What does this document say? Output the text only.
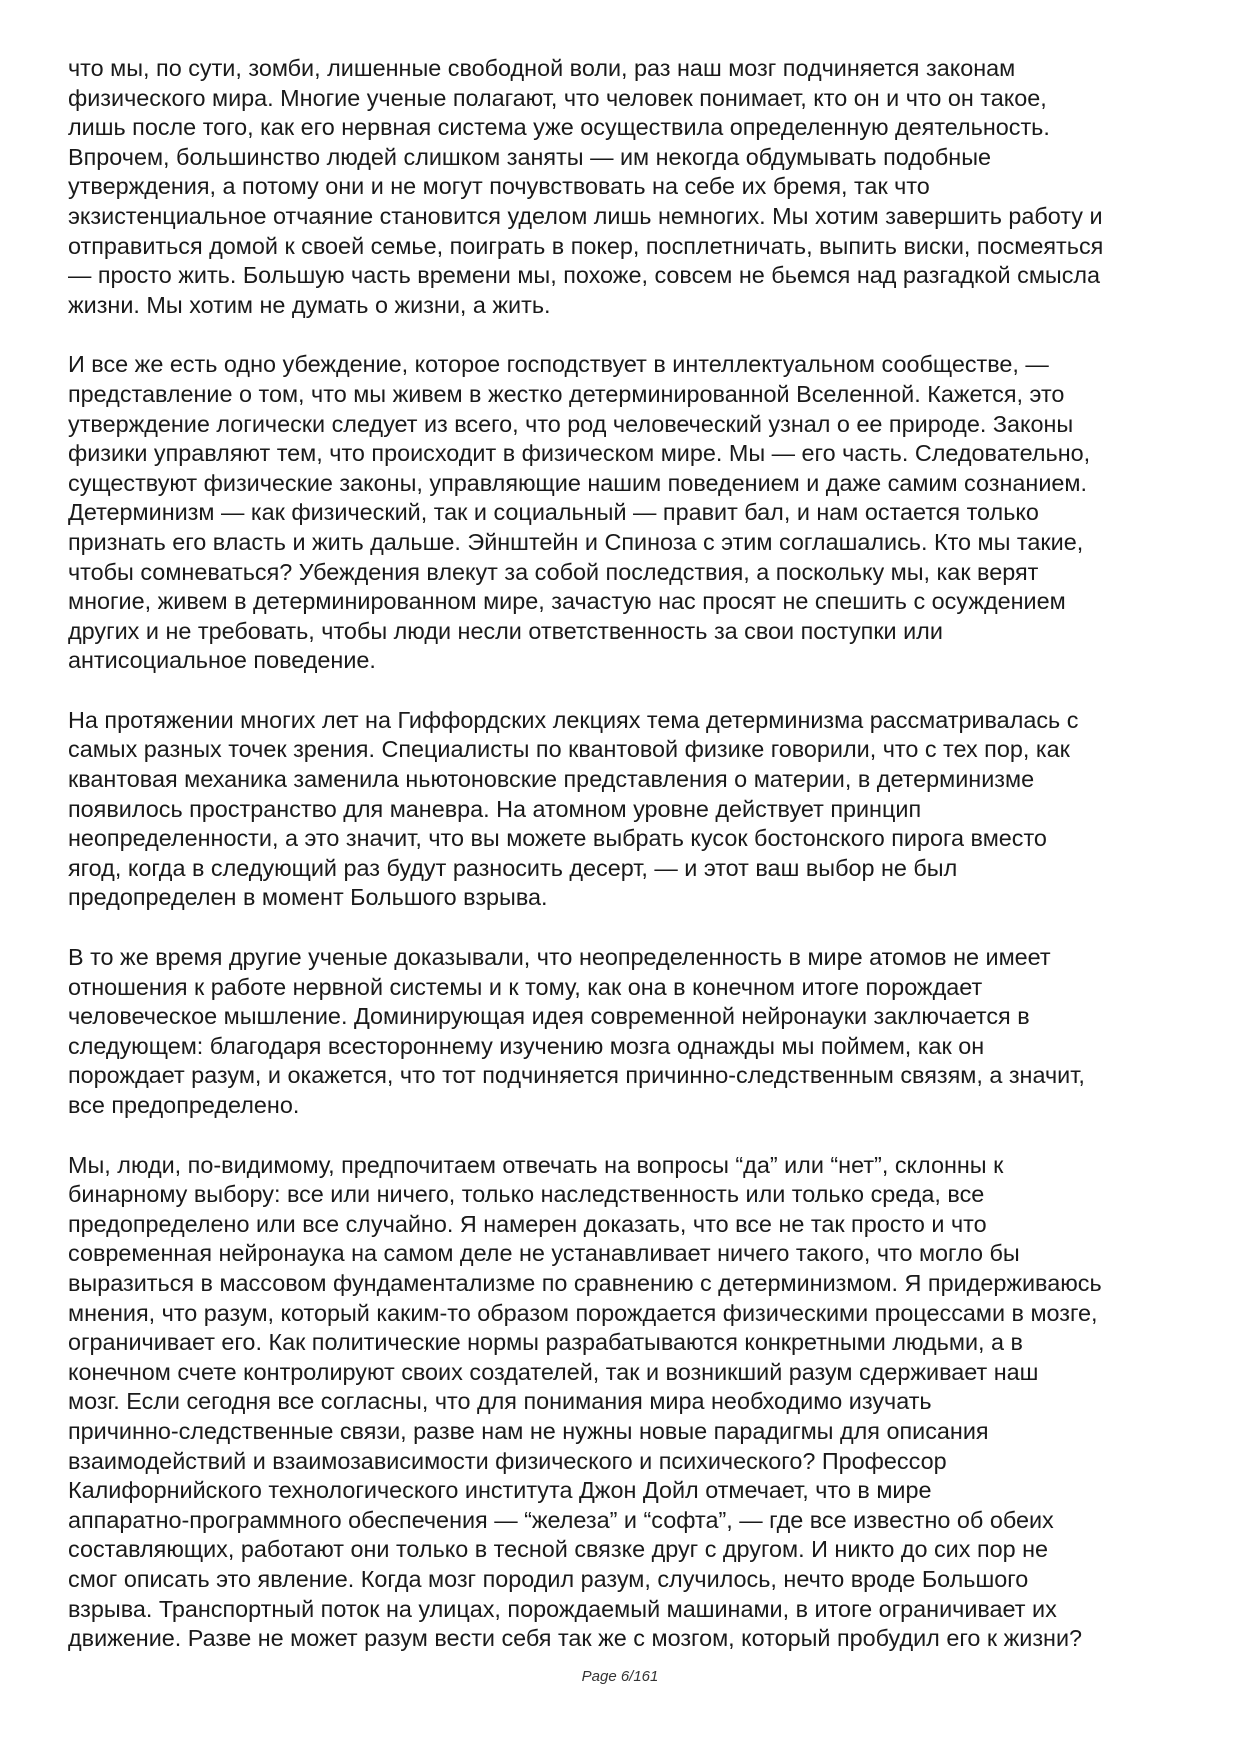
что мы, по сути, зомби, лишенные свободной воли, раз наш мозг подчиняется законам
физического мира. Многие ученые полагают, что человек понимает, кто он и что он такое,
лишь после того, как его нервная система уже осуществила определенную деятельность.
Впрочем, большинство людей слишком заняты — им некогда обдумывать подобные
утверждения, а потому они и не могут почувствовать на себе их бремя, так что
экзистенциальное отчаяние становится уделом лишь немногих. Мы хотим завершить работу и
отправиться домой к своей семье, поиграть в покер, посплетничать, выпить виски, посмеяться
— просто жить. Большую часть времени мы, похоже, совсем не бьемся над разгадкой смысла
жизни. Мы хотим не думать о жизни, а жить.

И все же есть одно убеждение, которое господствует в интеллектуальном сообществе, —
представление о том, что мы живем в жестко детерминированной Вселенной. Кажется, это
утверждение логически следует из всего, что род человеческий узнал о ее природе. Законы
физики управляют тем, что происходит в физическом мире. Мы — его часть. Следовательно,
существуют физические законы, управляющие нашим поведением и даже самим сознанием.
Детерминизм — как физический, так и социальный — правит бал, и нам остается только
признать его власть и жить дальше. Эйнштейн и Спиноза с этим соглашались. Кто мы такие,
чтобы сомневаться? Убеждения влекут за собой последствия, а поскольку мы, как верят
многие, живем в детерминированном мире, зачастую нас просят не спешить с осуждением
других и не требовать, чтобы люди несли ответственность за свои поступки или
антисоциальное поведение.

На протяжении многих лет на Гиффордских лекциях тема детерминизма рассматривалась с
самых разных точек зрения. Специалисты по квантовой физике говорили, что с тех пор, как
квантовая механика заменила ньютоновские представления о материи, в детерминизме
появилось пространство для маневра. На атомном уровне действует принцип
неопределенности, а это значит, что вы можете выбрать кусок бостонского пирога вместо
ягод, когда в следующий раз будут разносить десерт, — и этот ваш выбор не был
предопределен в момент Большого взрыва.

В то же время другие ученые доказывали, что неопределенность в мире атомов не имеет
отношения к работе нервной системы и к тому, как она в конечном итоге порождает
человеческое мышление. Доминирующая идея современной нейронауки заключается в
следующем: благодаря всестороннему изучению мозга однажды мы поймем, как он
порождает разум, и окажется, что тот подчиняется причинно-следственным связям, а значит,
все предопределено.

Мы, люди, по-видимому, предпочитаем отвечать на вопросы “да” или “нет”, склонны к
бинарному выбору: все или ничего, только наследственность или только среда, все
предопределено или все случайно. Я намерен доказать, что все не так просто и что
современная нейронаука на самом деле не устанавливает ничего такого, что могло бы
выразиться в массовом фундаментализме по сравнению с детерминизмом. Я придерживаюсь
мнения, что разум, который каким-то образом порождается физическими процессами в мозге,
ограничивает его. Как политические нормы разрабатываются конкретными людьми, а в
конечном счете контролируют своих создателей, так и возникший разум сдерживает наш
мозг. Если сегодня все согласны, что для понимания мира необходимо изучать
причинно-следственные связи, разве нам не нужны новые парадигмы для описания
взаимодействий и взаимозависимости физического и психического? Профессор
Калифорнийского технологического института Джон Дойл отмечает, что в мире
аппаратно-программного обеспечения — “железа” и “софта”, — где все известно об обеих
составляющих, работают они только в тесной связке друг с другом. И никто до сих пор не
смог описать это явление. Когда мозг породил разум, случилось, нечто вроде Большого
взрыва. Транспортный поток на улицах, порождаемый машинами, в итоге ограничивает их
движение. Разве не может разум вести себя так же с мозгом, который пробудил его к жизни?

Page 6/161
